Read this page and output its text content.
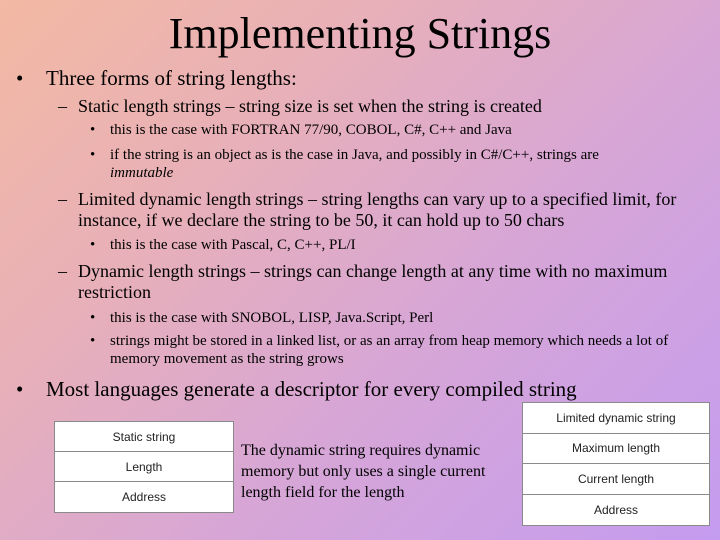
Implementing Strings
• Three forms of string lengths:
– Static length strings – string size is set when the string is created
• this is the case with FORTRAN 77/90, COBOL, C#, C++ and Java
• if the string is an object as is the case in Java, and possibly in C#/C++, strings are
immutable
– Limited dynamic length strings – string lengths can vary up to a specified limit, for instance, if we declare the string to be 50, it can hold up to 50 chars
• this is the case with Pascal, C, C++, PL/I
– Dynamic length strings – strings can change length at any time with no maximum restriction
• this is the case with SNOBOL, LISP, Java.Script, Perl
• strings might be stored in a linked list, or as an array from heap memory which needs a lot of memory movement as the string grows
• Most languages generate a descriptor for every compiled string
Static string
Length
Address
The dynamic string requires dynamic memory but only uses a single current length field for the length
Limited dynamic string
Maximum length
Current length
Address
